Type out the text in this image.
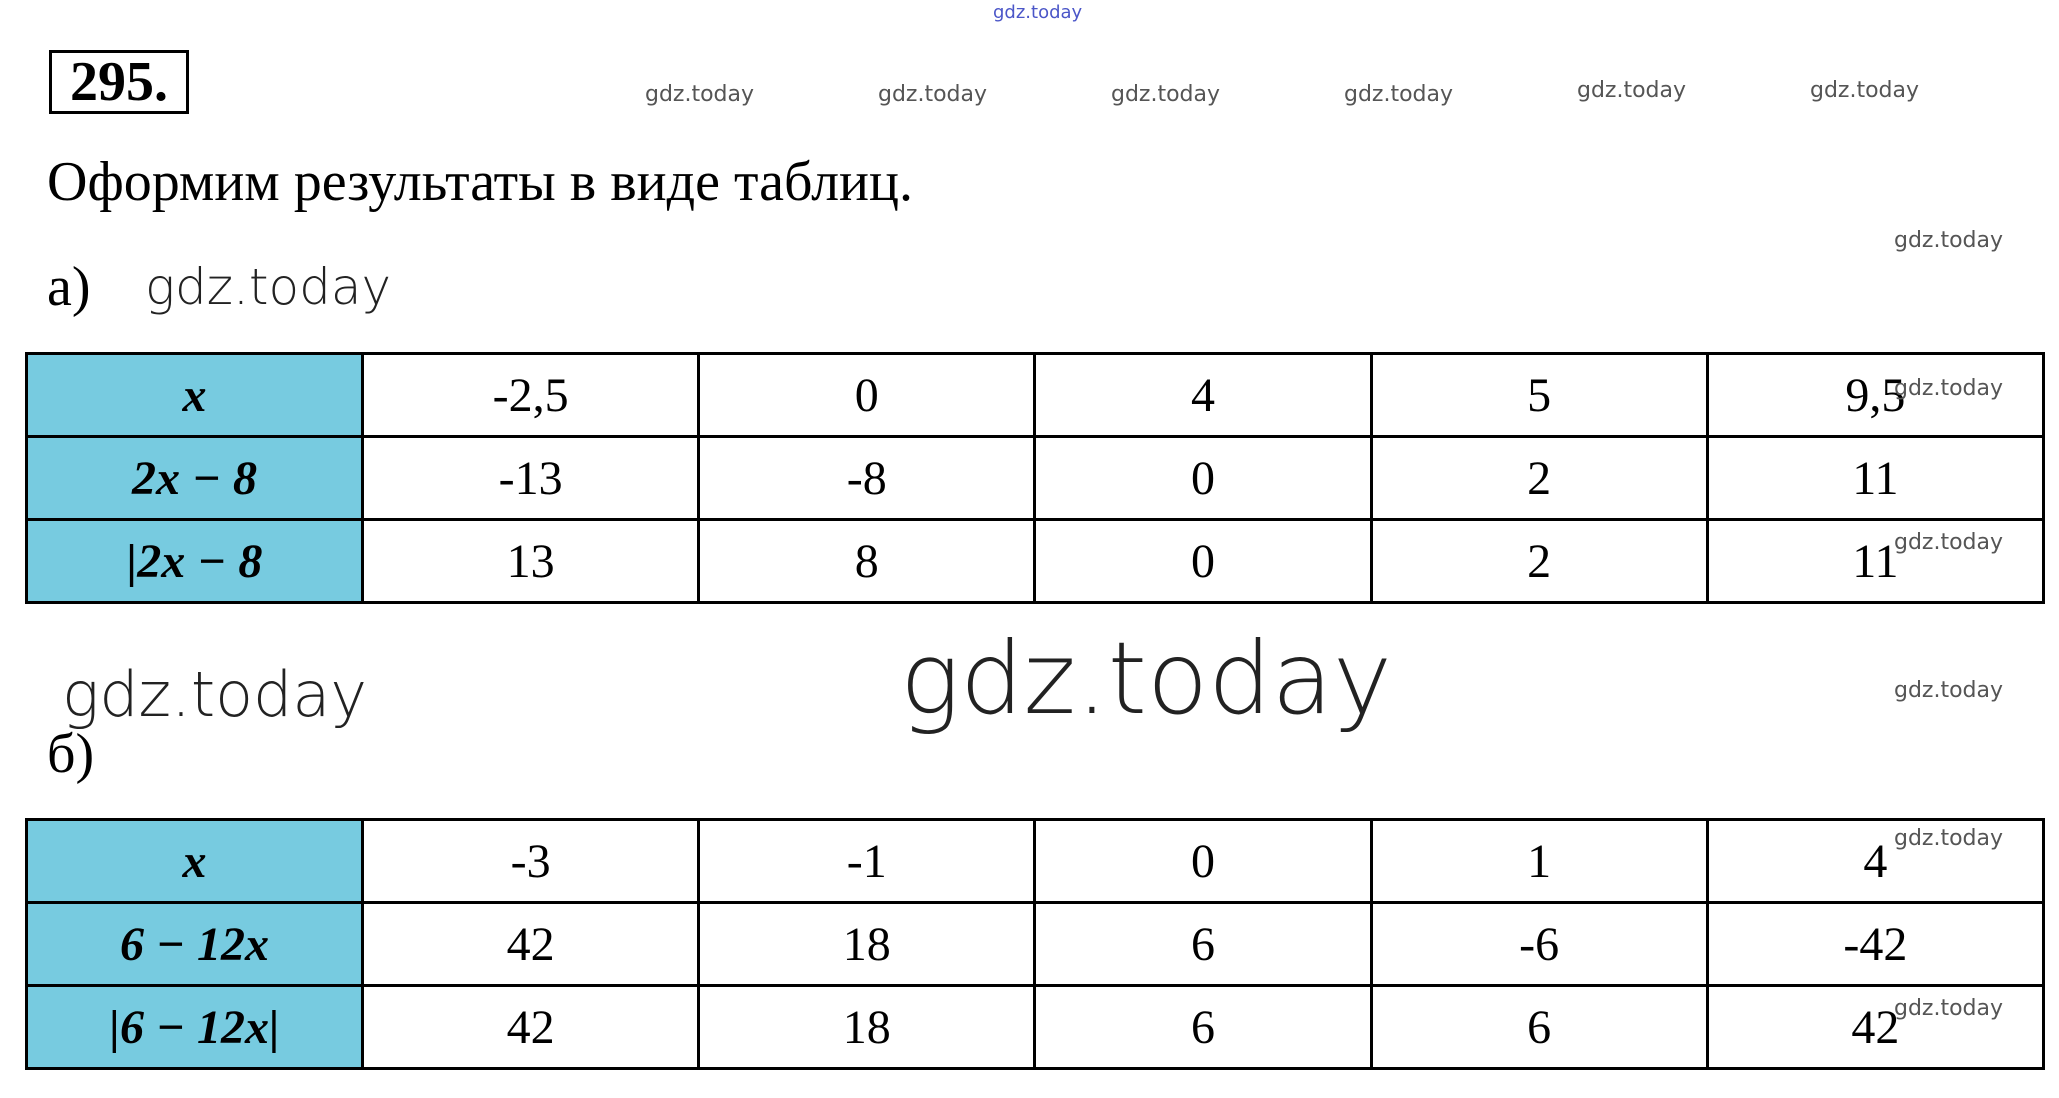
gdz.today
295.	gdz.today	gdz.today	gdz.today	gdz.today	gdz.today	gdz.today
Оформим результаты в виде таблиц.
gdz.today
а) gdz.today
x	-2,5	0	4	5	9,5
2x − 8	-13	-8	0	2	11
|2x − 8	13	8	0	2	11
gdz.today
gdz.today
gdz.today	gdz.today	gdz.today
б)
x	-3	-1	0	1	4
6 − 12x	42	18	6	-6	-42
|6 − 12x|	42	18	6	6	42
gdz.today
gdz.today
